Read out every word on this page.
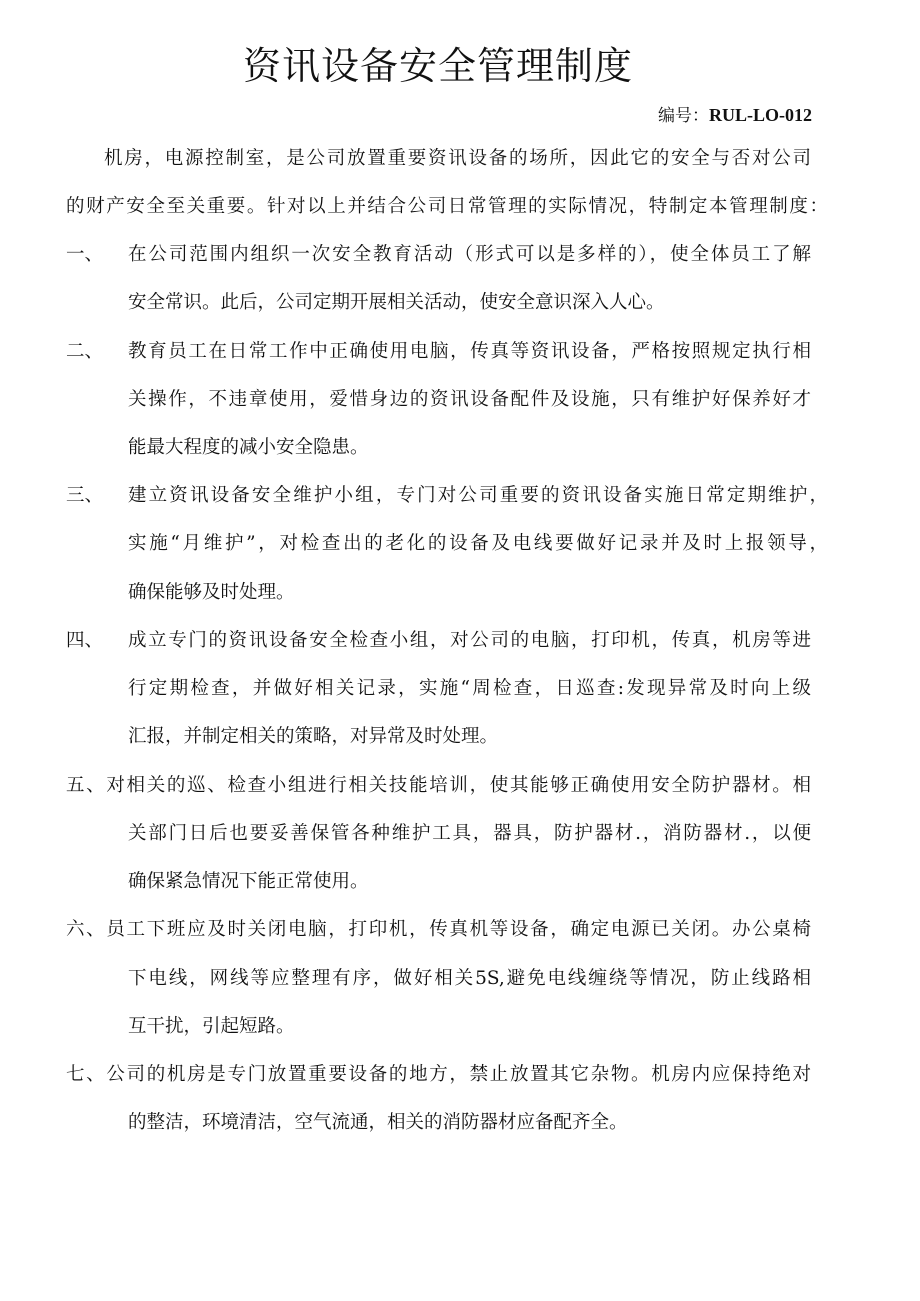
资讯设备安全管理制度
编号：RUL-LO-012
机房，电源控制室，是公司放置重要资讯设备的场所，因此它的安全与否对公司
的财产安全至关重要。针对以上并结合公司日常管理的实际情况，特制定本管理制度：
一、 在公司范围内组织一次安全教育活动（形式可以是多样的），使全体员工了解
安全常识。此后，公司定期开展相关活动，使安全意识深入人心。
二、 教育员工在日常工作中正确使用电脑，传真等资讯设备，严格按照规定执行相
关操作，不违章使用，爱惜身边的资讯设备配件及设施，只有维护好保养好才
能最大程度的减小安全隐患。
三、 建立资讯设备安全维护小组，专门对公司重要的资讯设备实施日常定期维护，
实施“月维护”，对检查出的老化的设备及电线要做好记录并及时上报领导，
确保能够及时处理。
四、 成立专门的资讯设备安全检查小组，对公司的电脑，打印机，传真，机房等进
行定期检查，并做好相关记录，实施“周检查，日巡查:发现异常及时向上级
汇报，并制定相关的策略，对异常及时处理。
五、对相关的巡、检查小组进行相关技能培训，使其能够正确使用安全防护器材。相
关部门日后也要妥善保管各种维护工具，器具，防护器材.，消防器材.，以便
确保紧急情况下能正常使用。
六、员工下班应及时关闭电脑，打印机，传真机等设备，确定电源已关闭。办公桌椅
下电线，网线等应整理有序，做好相关5S,避免电线缠绕等情况，防止线路相
互干扰，引起短路。
七、公司的机房是专门放置重要设备的地方，禁止放置其它杂物。机房内应保持绝对
的整洁，环境清洁，空气流通，相关的消防器材应备配齐全。
